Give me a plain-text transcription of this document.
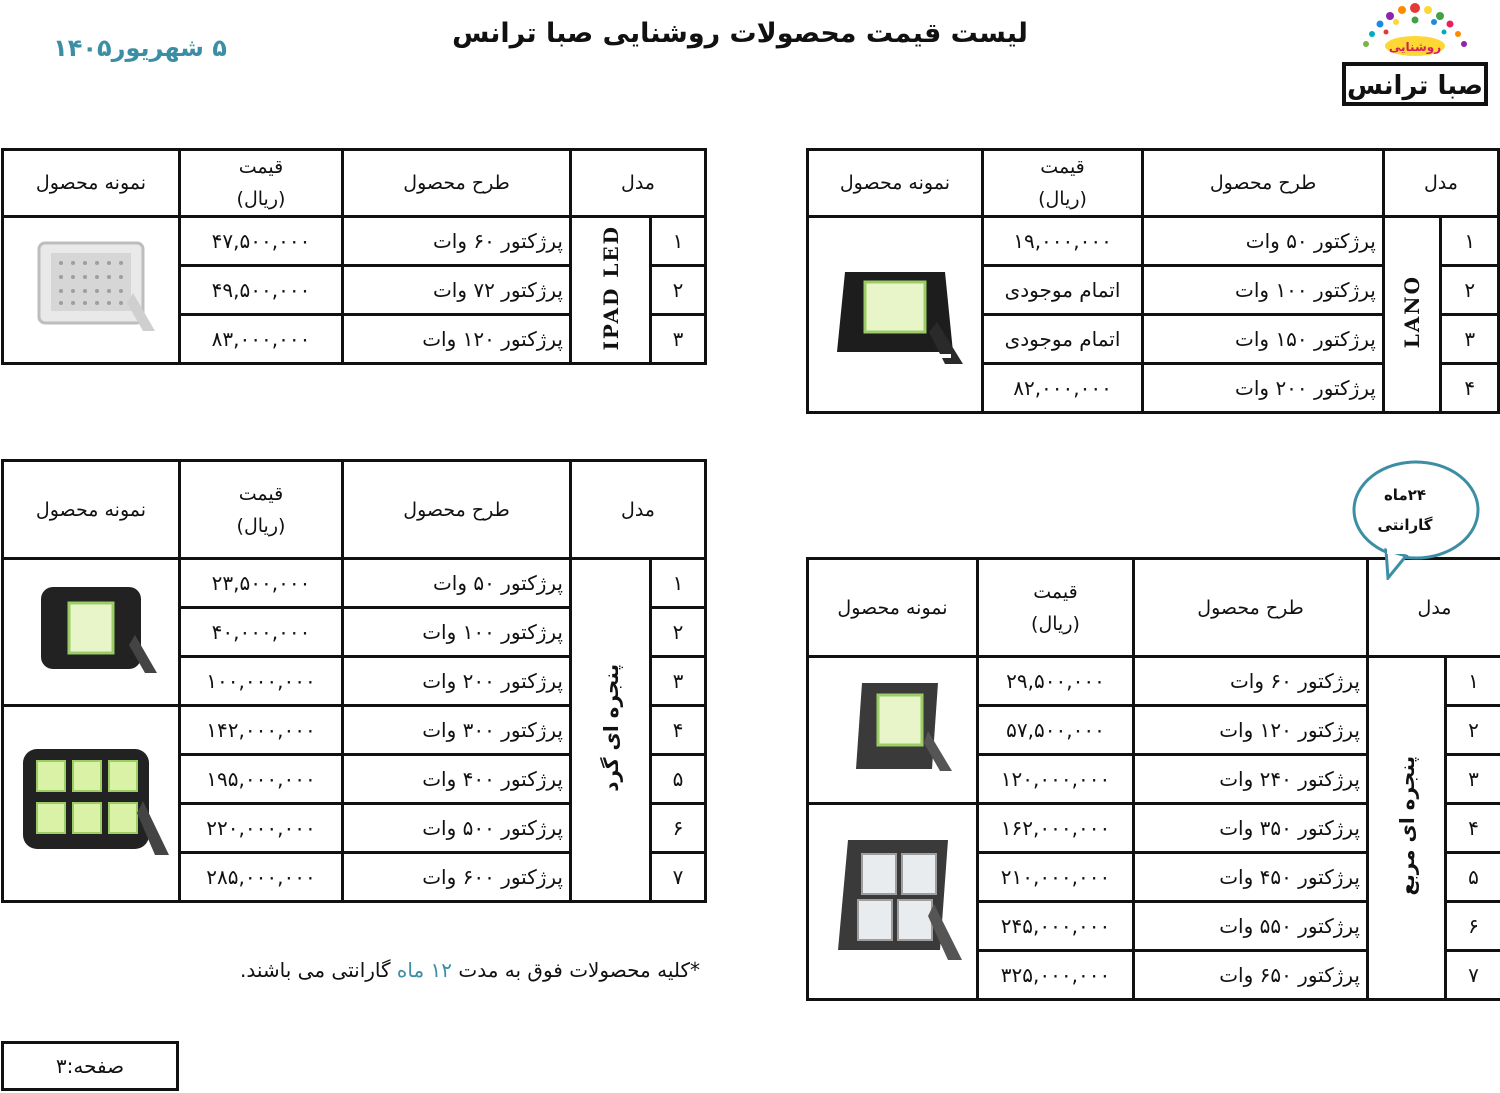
لیست قیمت محصولات روشنایی صبا ترانس
۵ شهریور۱۴۰۵	روشنایی
صبا ترانس
مدل		طرح محصول	قیمت
(ریال)	نمونه محصول
۱	LANO	پرژکتور ۵۰ وات	۱۹,۰۰۰,۰۰۰	
۲		پرژکتور ۱۰۰ وات	اتمام موجودی	
۳		پرژکتور ۱۵۰ وات	اتمام موجودی	
۴		پرژکتور ۲۰۰ وات	۸۲,۰۰۰,۰۰۰	
مدل		طرح محصول	قیمت
(ریال)	نمونه محصول
۱	IPAD LED	پرژکتور ۶۰ وات	۴۷,۵۰۰,۰۰۰	
۲		پرژکتور ۷۲ وات	۴۹,۵۰۰,۰۰۰	
۳		پرژکتور ۱۲۰ وات	۸۳,۰۰۰,۰۰۰	
مدل		طرح محصول	قیمت
(ریال)	نمونه محصول
۱	پنجره ای گرد	پرژکتور ۵۰ وات	۲۳,۵۰۰,۰۰۰	
۲		پرژکتور ۱۰۰ وات	۴۰,۰۰۰,۰۰۰	
۳		پرژکتور ۲۰۰ وات	۱۰۰,۰۰۰,۰۰۰	
۴		پرژکتور ۳۰۰ وات	۱۴۲,۰۰۰,۰۰۰	
۵		پرژکتور ۴۰۰ وات	۱۹۵,۰۰۰,۰۰۰	
۶		پرژکتور ۵۰۰ وات	۲۲۰,۰۰۰,۰۰۰	
۷		پرژکتور ۶۰۰ وات	۲۸۵,۰۰۰,۰۰۰	
مدل		طرح محصول	قیمت
(ریال)	نمونه محصول
۱	پنجره ای مربع	پرژکتور ۶۰ وات	۲۹,۵۰۰,۰۰۰	
۲		پرژکتور ۱۲۰ وات	۵۷,۵۰۰,۰۰۰	
۳		پرژکتور ۲۴۰ وات	۱۲۰,۰۰۰,۰۰۰	
۴		پرژکتور ۳۵۰ وات	۱۶۲,۰۰۰,۰۰۰	
۵		پرژکتور ۴۵۰ وات	۲۱۰,۰۰۰,۰۰۰	
۶		پرژکتور ۵۵۰ وات	۲۴۵,۰۰۰,۰۰۰	
۷		پرژکتور ۶۵۰ وات	۳۲۵,۰۰۰,۰۰۰	
۲۴ماه
گارانتی
*کلیه محصولات فوق به مدت ۱۲ ماه گارانتی می باشند.
صفحه:۳
